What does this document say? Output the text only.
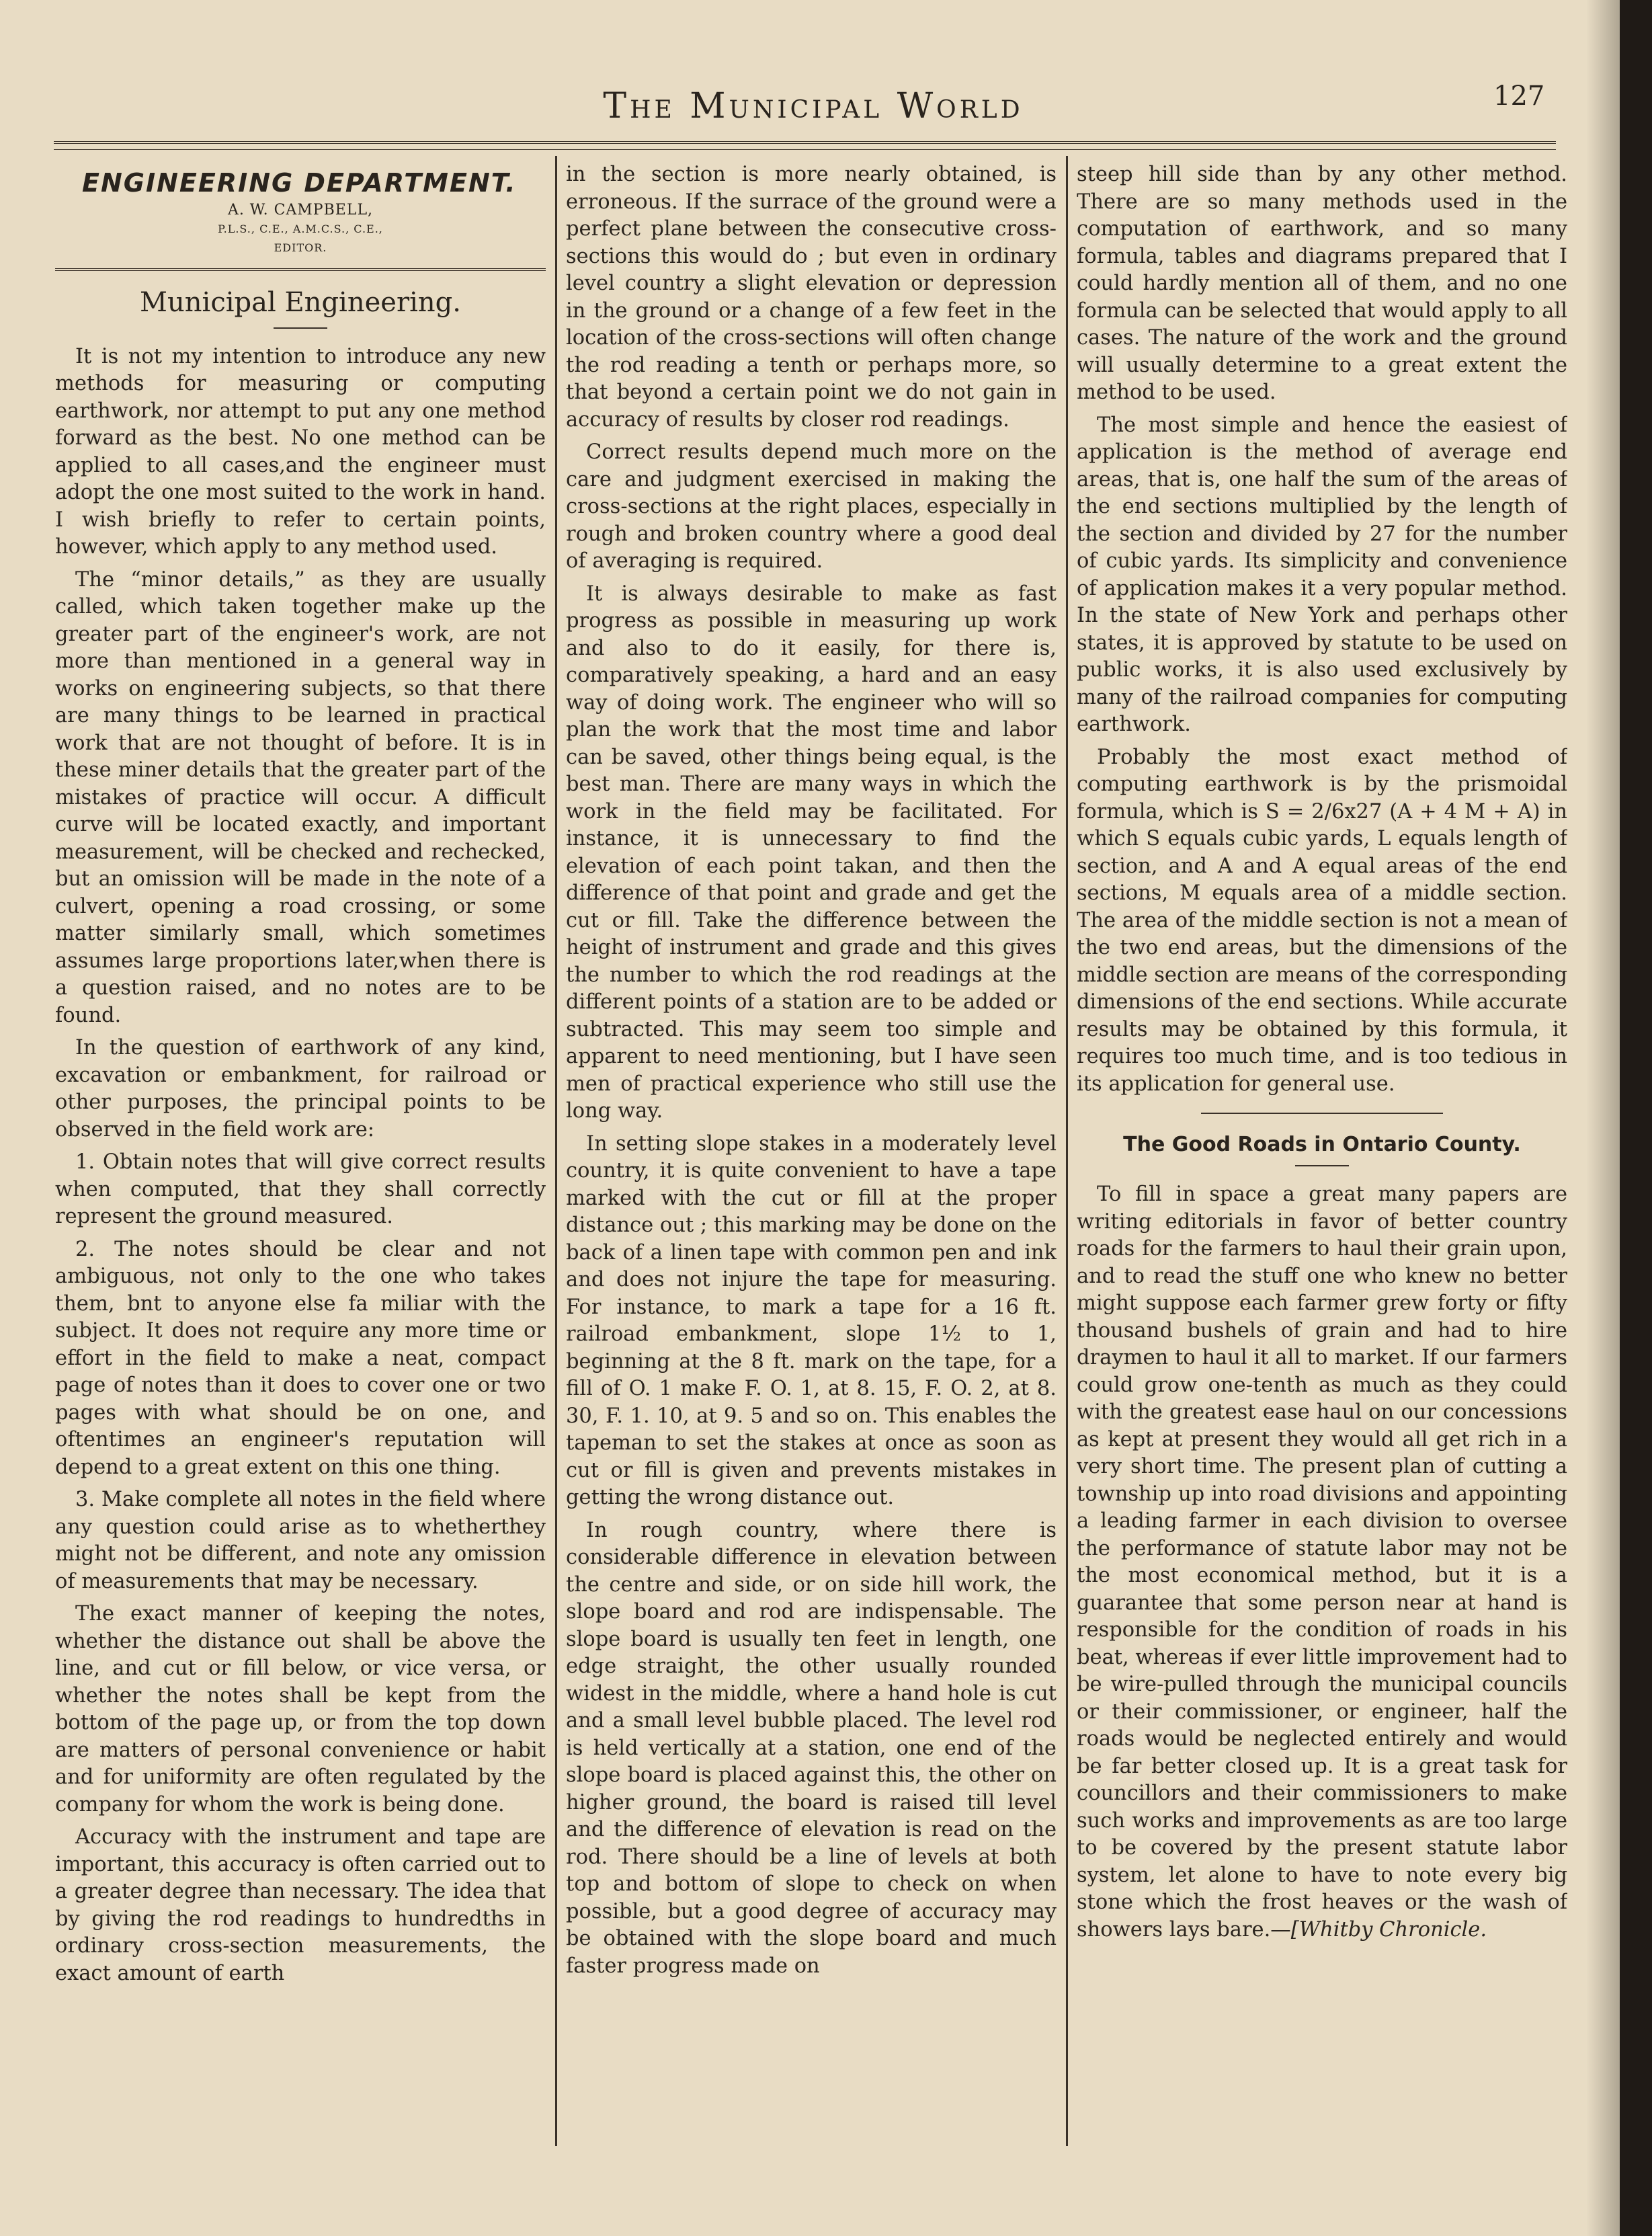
The Municipal World	127
ENGINEERING DEPARTMENT.
A. W. CAMPBELL,
P.L.S., C.E., A.M.C.S., C.E.,
EDITOR.
Municipal Engineering.

It is not my intention to introduce any new methods for measuring or computing earthwork, nor attempt to put any one method forward as the best. No one method can be applied to all cases,and the engineer must adopt the one most suited to the work in hand. I wish briefly to refer to certain points, however, which apply to any method used.

The “minor details,” as they are usually called, which taken together make up the greater part of the engineer's work, are not more than mentioned in a general way in works on engineering subjects, so that there are many things to be learned in practical work that are not thought of before. It is in these miner details that the greater part of the mistakes of practice will occur. A difficult curve will be located exactly, and important measurement, will be checked and rechecked, but an omission will be made in the note of a culvert, opening a road crossing, or some matter similarly small, which sometimes assumes large proportions later,when there is a question raised, and no notes are to be found.

In the question of earthwork of any kind, excavation or embankment, for railroad or other purposes, the principal points to be observed in the field work are:

1. Obtain notes that will give correct results when computed, that they shall correctly represent the ground measured.

2. The notes should be clear and not ambiguous, not only to the one who takes them, bnt to anyone else fa miliar with the subject. It does not require any more time or effort in the field to make a neat, compact page of notes than it does to cover one or two pages with what should be on one, and oftentimes an engineer's reputation will depend to a great extent on this one thing.

3. Make complete all notes in the field where any question could arise as to whetherthey might not be different, and note any omission of measurements that may be necessary.

The exact manner of keeping the notes, whether the distance out shall be above the line, and cut or fill below, or vice versa, or whether the notes shall be kept from the bottom of the page up, or from the top down are matters of personal convenience or habit and for uniformity are often regulated by the company for whom the work is being done.

Accuracy with the instrument and tape are important, this accuracy is often carried out to a greater degree than necessary. The idea that by giving the rod readings to hundredths in ordinary cross-section measurements, the exact amount of earth

in the section is more nearly obtained, is erroneous. If the surrace of the ground were a perfect plane between the consecutive cross-sections this would do ; but even in ordinary level country a slight elevation or depression in the ground or a change of a few feet in the location of the cross-sections will often change the rod reading a tenth or perhaps more, so that beyond a certain point we do not gain in accuracy of results by closer rod readings.

Correct results depend much more on the care and judgment exercised in making the cross-sections at the right places, especially in rough and broken country where a good deal of averaging is required.

It is always desirable to make as fast progress as possible in measuring up work and also to do it easily, for there is, comparatively speaking, a hard and an easy way of doing work. The engineer who will so plan the work that the most time and labor can be saved, other things being equal, is the best man. There are many ways in which the work in the field may be facilitated. For instance, it is unnecessary to find the elevation of each point takan, and then the difference of that point and grade and get the cut or fill. Take the difference between the height of instrument and grade and this gives the number to which the rod readings at the different points of a station are to be added or subtracted. This may seem too simple and apparent to need mentioning, but I have seen men of practical experience who still use the long way.

In setting slope stakes in a moderately level country, it is quite convenient to have a tape marked with the cut or fill at the proper distance out ; this marking may be done on the back of a linen tape with common pen and ink and does not injure the tape for measuring. For instance, to mark a tape for a 16 ft. railroad embankment, slope 1½ to 1, beginning at the 8 ft. mark on the tape, for a fill of O. 1 make F. O. 1, at 8. 15, F. O. 2, at 8. 30, F. 1. 10, at 9. 5 and so on. This enables the tapeman to set the stakes at once as soon as cut or fill is given and prevents mistakes in getting the wrong distance out.

In rough country, where there is considerable difference in elevation between the centre and side, or on side hill work, the slope board and rod are indispensable. The slope board is usually ten feet in length, one edge straight, the other usually rounded widest in the middle, where a hand hole is cut and a small level bubble placed. The level rod is held vertically at a station, one end of the slope board is placed against this, the other on higher ground, the board is raised till level and the difference of elevation is read on the rod. There should be a line of levels at both top and bottom of slope to check on when possible, but a good degree of accuracy may be obtained with the slope board and much faster progress made on

steep hill side than by any other method. There are so many methods used in the computation of earthwork, and so many formula, tables and diagrams prepared that I could hardly mention all of them, and no one formula can be selected that would apply to all cases. The nature of the work and the ground will usually determine to a great extent the method to be used.

The most simple and hence the easiest of application is the method of average end areas, that is, one half the sum of the areas of the end sections multiplied by the length of the section and divided by 27 for the number of cubic yards. Its simplicity and convenience of application makes it a very popular method. In the state of New York and perhaps other states, it is approved by statute to be used on public works, it is also used exclusively by many of the railroad companies for computing earthwork.

Probably the most exact method of computing earthwork is by the prismoidal formula, which is S = 2/6x27 (A + 4 M + A) in which S equals cubic yards, L equals length of section, and A and A equal areas of the end sections, M equals area of a middle section. The area of the middle section is not a mean of the two end areas, but the dimensions of the middle section are means of the corresponding dimensions of the end sections. While accurate results may be obtained by this formula, it requires too much time, and is too tedious in its application for general use.

The Good Roads in Ontario County.

To fill in space a great many papers are writing editorials in favor of better country roads for the farmers to haul their grain upon, and to read the stuff one who knew no better might suppose each farmer grew forty or fifty thousand bushels of grain and had to hire draymen to haul it all to market. If our farmers could grow one-tenth as much as they could with the greatest ease haul on our concessions as kept at present they would all get rich in a very short time. The present plan of cutting a township up into road divisions and appointing a leading farmer in each division to oversee the performance of statute labor may not be the most economical method, but it is a guarantee that some person near at hand is responsible for the condition of roads in his beat, whereas if ever little improvement had to be wire-pulled through the municipal councils or their commissioner, or engineer, half the roads would be neglected entirely and would be far better closed up. It is a great task for councillors and their commissioners to make such works and improvements as are too large to be covered by the present statute labor system, let alone to have to note every big stone which the frost heaves or the wash of showers lays bare.—[Whitby Chronicle.
